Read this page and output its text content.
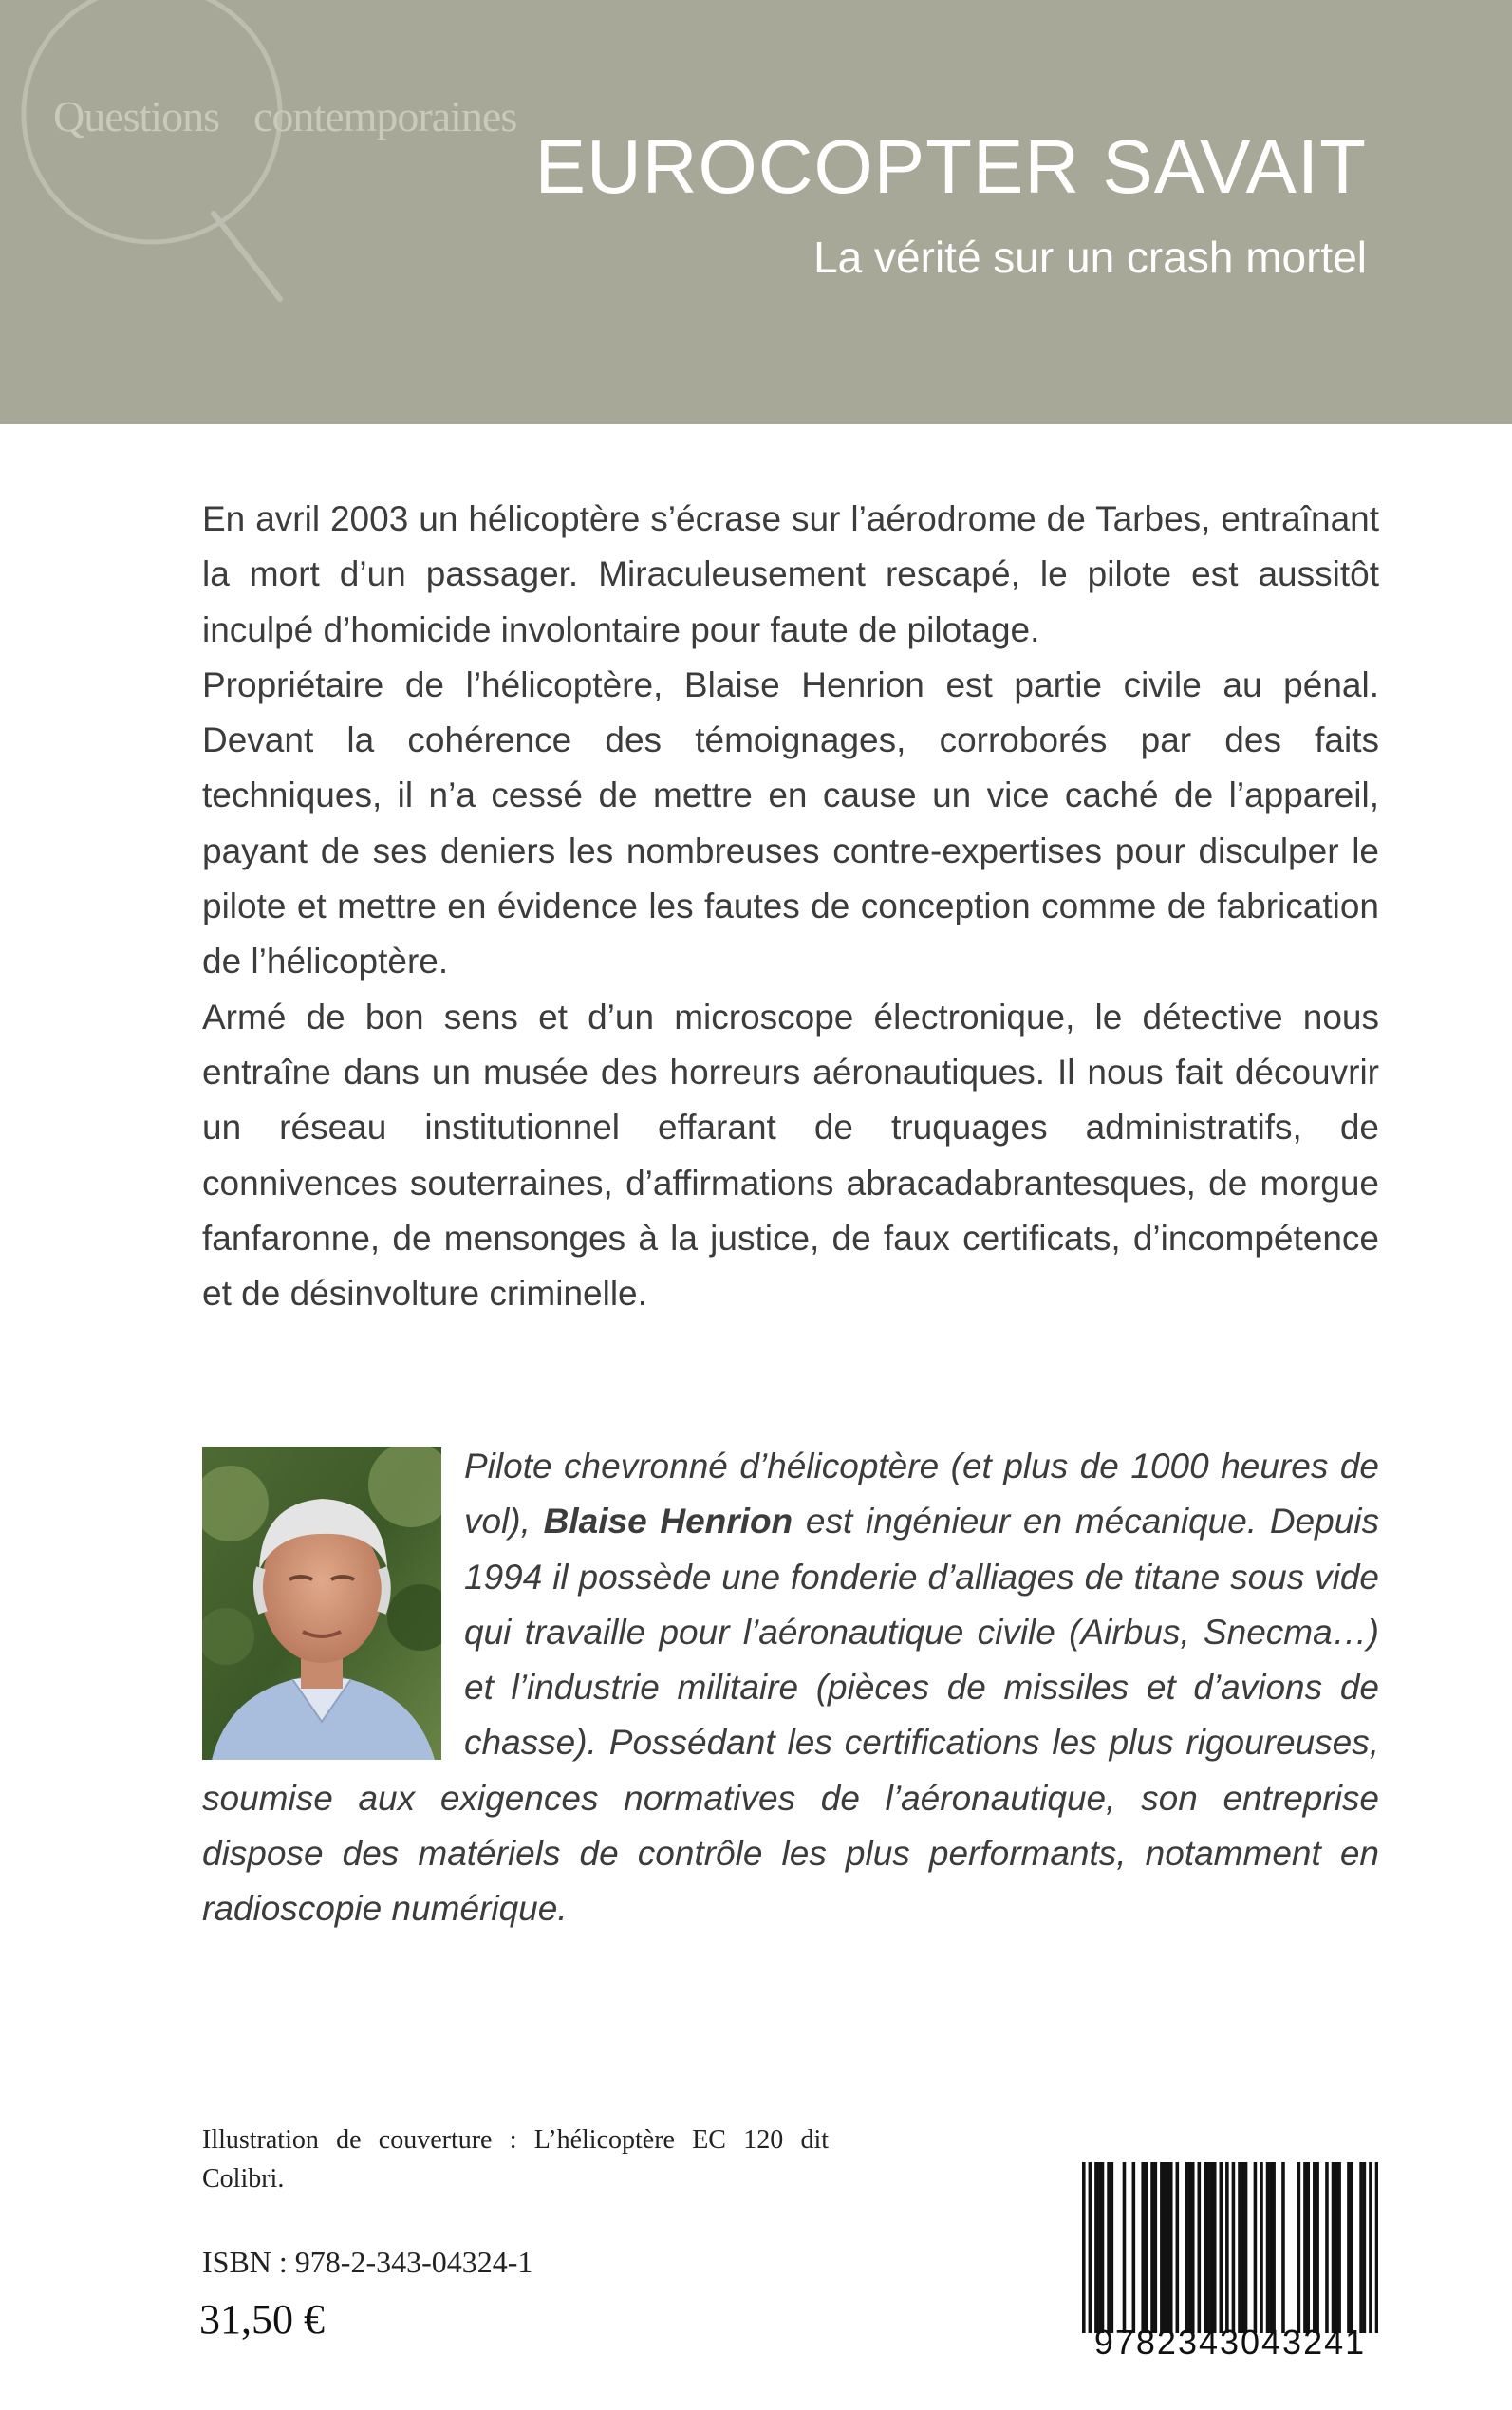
Questions contemporaines
EUROCOPTER SAVAIT
La vérité sur un crash mortel

En avril 2003 un hélicoptère s’écrase sur l’aérodrome de Tarbes, entraînant la mort d’un passager. Miraculeusement rescapé, le pilote est aussitôt inculpé d’homicide involontaire pour faute de pilotage.

Propriétaire de l’hélicoptère, Blaise Henrion est partie civile au pénal. Devant la cohérence des témoignages, corroborés par des faits techniques, il n’a cessé de mettre en cause un vice caché de l’appareil, payant de ses deniers les nombreuses contre-expertises pour disculper le pilote et mettre en évidence les fautes de conception comme de fabrication de l’hélicoptère.

Armé de bon sens et d’un microscope électronique, le détective nous entraîne dans un musée des horreurs aéronautiques. Il nous fait découvrir un réseau institutionnel effarant de truquages administratifs, de connivences souterraines, d’affirmations abracadabrantesques, de morgue fanfaronne, de mensonges à la justice, de faux certificats, d’incompétence et de désinvolture criminelle.

Pilote chevronné d’hélicoptère (et plus de 1000 heures de vol), Blaise Henrion est ingénieur en mécanique. Depuis 1994 il possède une fonderie d’alliages de titane sous vide qui travaille pour l’aéronautique civile (Airbus, Snecma…) et l’industrie militaire (pièces de missiles et d’avions de chasse). Possédant les certifications les plus rigoureuses, soumise aux exigences normatives de l’aéronautique, son entreprise dispose des matériels de contrôle les plus performants, notamment en radioscopie numérique.

Illustration de couverture : L’hélicoptère EC 120 dit Colibri.
ISBN : 978-2-343-04324-1
31,50 €	9782343043241
